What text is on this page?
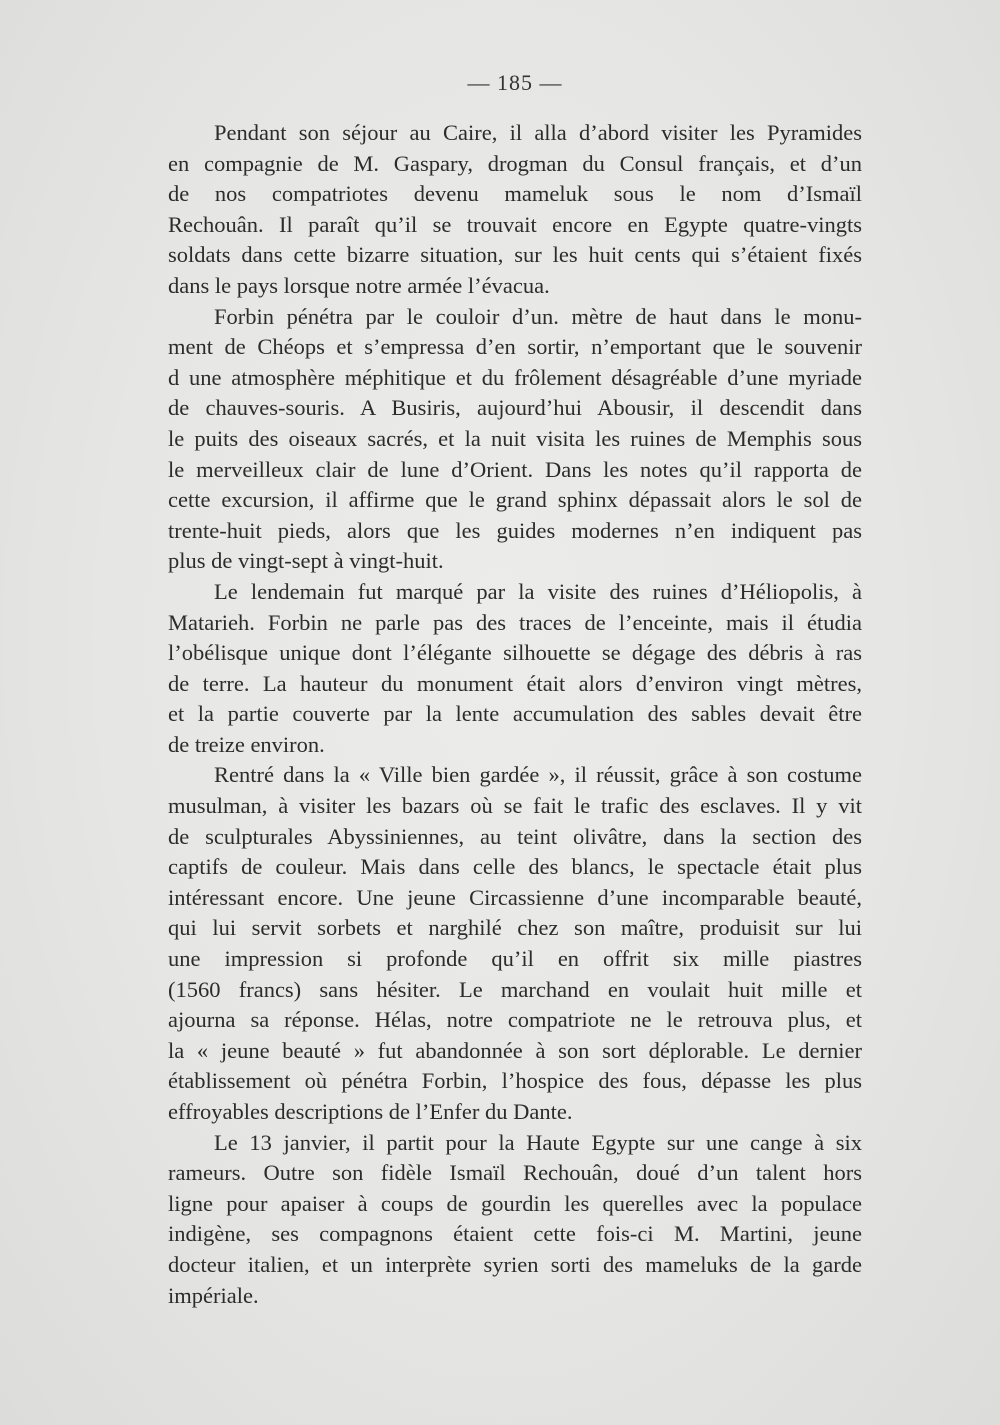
— 185 —

Pendant son séjour au Caire, il alla d’abord visiter les Pyramides
en compagnie de M. Gaspary, drogman du Consul français, et d’un
de nos compatriotes devenu mameluk sous le nom d’Ismaïl
Rechouân. Il paraît qu’il se trouvait encore en Egypte quatre-vingts
soldats dans cette bizarre situation, sur les huit cents qui s’étaient fixés
dans le pays lorsque notre armée l’évacua.

Forbin pénétra par le couloir d’un. mètre de haut dans le monu-
ment de Chéops et s’empressa d’en sortir, n’emportant que le souvenir
d une atmosphère méphitique et du frôlement désagréable d’une myriade
de chauves-souris. A Busiris, aujourd’hui Abousir, il descendit dans
le puits des oiseaux sacrés, et la nuit visita les ruines de Memphis sous
le merveilleux clair de lune d’Orient. Dans les notes qu’il rapporta de
cette excursion, il affirme que le grand sphinx dépassait alors le sol de
trente-huit pieds, alors que les guides modernes n’en indiquent pas
plus de vingt-sept à vingt-huit.

Le lendemain fut marqué par la visite des ruines d’Héliopolis, à
Matarieh. Forbin ne parle pas des traces de l’enceinte, mais il étudia
l’obélisque unique dont l’élégante silhouette se dégage des débris à ras
de terre. La hauteur du monument était alors d’environ vingt mètres,
et la partie couverte par la lente accumulation des sables devait être
de treize environ.

Rentré dans la « Ville bien gardée », il réussit, grâce à son costume
musulman, à visiter les bazars où se fait le trafic des esclaves. Il y vit
de sculpturales Abyssiniennes, au teint olivâtre, dans la section des
captifs de couleur. Mais dans celle des blancs, le spectacle était plus
intéressant encore. Une jeune Circassienne d’une incomparable beauté,
qui lui servit sorbets et narghilé chez son maître, produisit sur lui
une impression si profonde qu’il en offrit six mille piastres
(1560 francs) sans hésiter. Le marchand en voulait huit mille et
ajourna sa réponse. Hélas, notre compatriote ne le retrouva plus, et
la « jeune beauté » fut abandonnée à son sort déplorable. Le dernier
établissement où pénétra Forbin, l’hospice des fous, dépasse les plus
effroyables descriptions de l’Enfer du Dante.

Le 13 janvier, il partit pour la Haute Egypte sur une cange à six
rameurs. Outre son fidèle Ismaïl Rechouân, doué d’un talent hors
ligne pour apaiser à coups de gourdin les querelles avec la populace
indigène, ses compagnons étaient cette fois-ci M. Martini, jeune
docteur italien, et un interprète syrien sorti des mameluks de la garde
impériale.
